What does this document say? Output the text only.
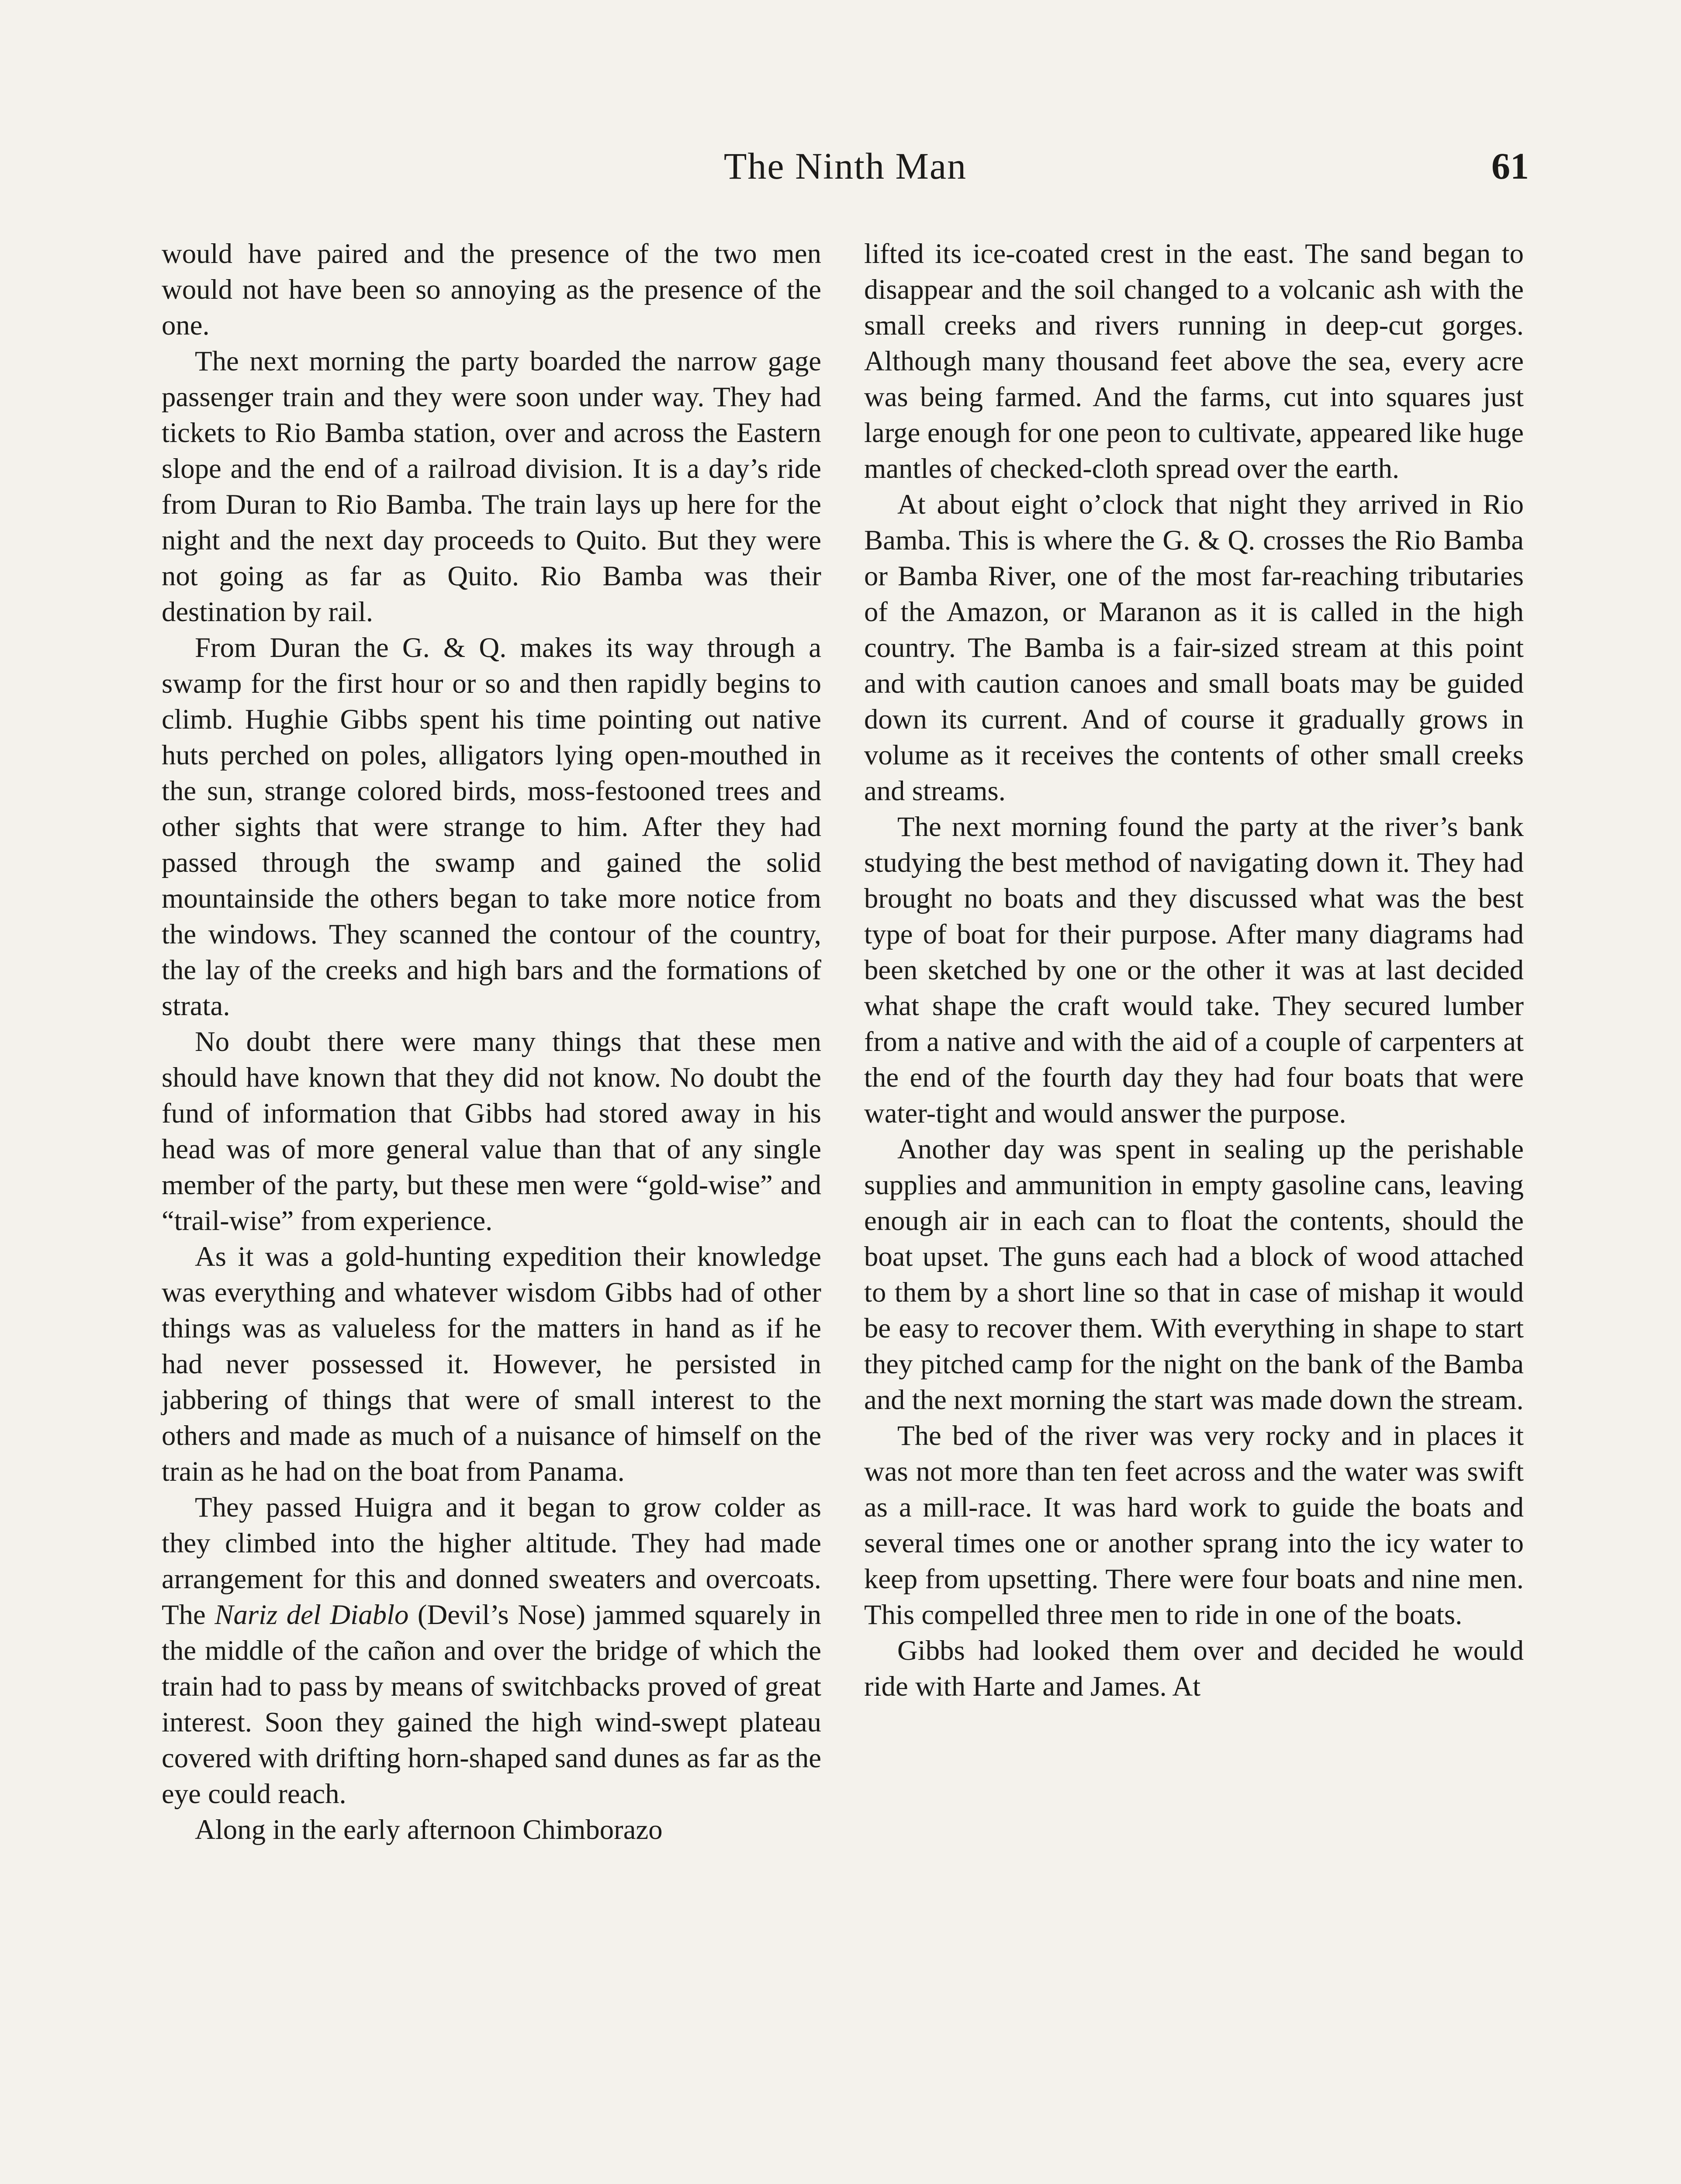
The Ninth Man	61

would have paired and the presence of the two men would not have been so annoying as the presence of the one.

The next morning the party boarded the narrow gage passenger train and they were soon under way. They had tickets to Rio Bamba station, over and across the Eastern slope and the end of a railroad division. It is a day’s ride from Duran to Rio Bamba. The train lays up here for the night and the next day proceeds to Quito. But they were not going as far as Quito. Rio Bamba was their destination by rail.

From Duran the G. & Q. makes its way through a swamp for the first hour or so and then rapidly begins to climb. Hughie Gibbs spent his time pointing out native huts perched on poles, alligators lying open-mouthed in the sun, strange colored birds, moss-festooned trees and other sights that were strange to him. After they had passed through the swamp and gained the solid mountainside the others began to take more notice from the windows. They scanned the contour of the country, the lay of the creeks and high bars and the formations of strata.

No doubt there were many things that these men should have known that they did not know. No doubt the fund of information that Gibbs had stored away in his head was of more general value than that of any single member of the party, but these men were “gold-wise” and “trail-wise” from experience.

As it was a gold-hunting expedition their knowledge was everything and whatever wisdom Gibbs had of other things was as valueless for the matters in hand as if he had never possessed it. However, he persisted in jabbering of things that were of small interest to the others and made as much of a nuisance of himself on the train as he had on the boat from Panama.

They passed Huigra and it began to grow colder as they climbed into the higher altitude. They had made arrangement for this and donned sweaters and overcoats. The Nariz del Diablo (Devil’s Nose) jammed squarely in the middle of the cañon and over the bridge of which the train had to pass by means of switchbacks proved of great interest. Soon they gained the high wind-swept plateau covered with drifting horn-shaped sand dunes as far as the eye could reach.

Along in the early afternoon Chimborazo

lifted its ice-coated crest in the east. The sand began to disappear and the soil changed to a volcanic ash with the small creeks and rivers running in deep-cut gorges. Although many thousand feet above the sea, every acre was being farmed. And the farms, cut into squares just large enough for one peon to cultivate, appeared like huge mantles of checked-cloth spread over the earth.

At about eight o’clock that night they arrived in Rio Bamba. This is where the G. & Q. crosses the Rio Bamba or Bamba River, one of the most far-reaching tributaries of the Amazon, or Maranon as it is called in the high country. The Bamba is a fair-sized stream at this point and with caution canoes and small boats may be guided down its current. And of course it gradually grows in volume as it receives the contents of other small creeks and streams.

The next morning found the party at the river’s bank studying the best method of navigating down it. They had brought no boats and they discussed what was the best type of boat for their purpose. After many diagrams had been sketched by one or the other it was at last decided what shape the craft would take. They secured lumber from a native and with the aid of a couple of carpenters at the end of the fourth day they had four boats that were water-tight and would answer the purpose.

Another day was spent in sealing up the perishable supplies and ammunition in empty gasoline cans, leaving enough air in each can to float the contents, should the boat upset. The guns each had a block of wood attached to them by a short line so that in case of mishap it would be easy to recover them. With everything in shape to start they pitched camp for the night on the bank of the Bamba and the next morning the start was made down the stream.

The bed of the river was very rocky and in places it was not more than ten feet across and the water was swift as a mill-race. It was hard work to guide the boats and several times one or another sprang into the icy water to keep from upsetting. There were four boats and nine men. This compelled three men to ride in one of the boats.

Gibbs had looked them over and decided he would ride with Harte and James. At
